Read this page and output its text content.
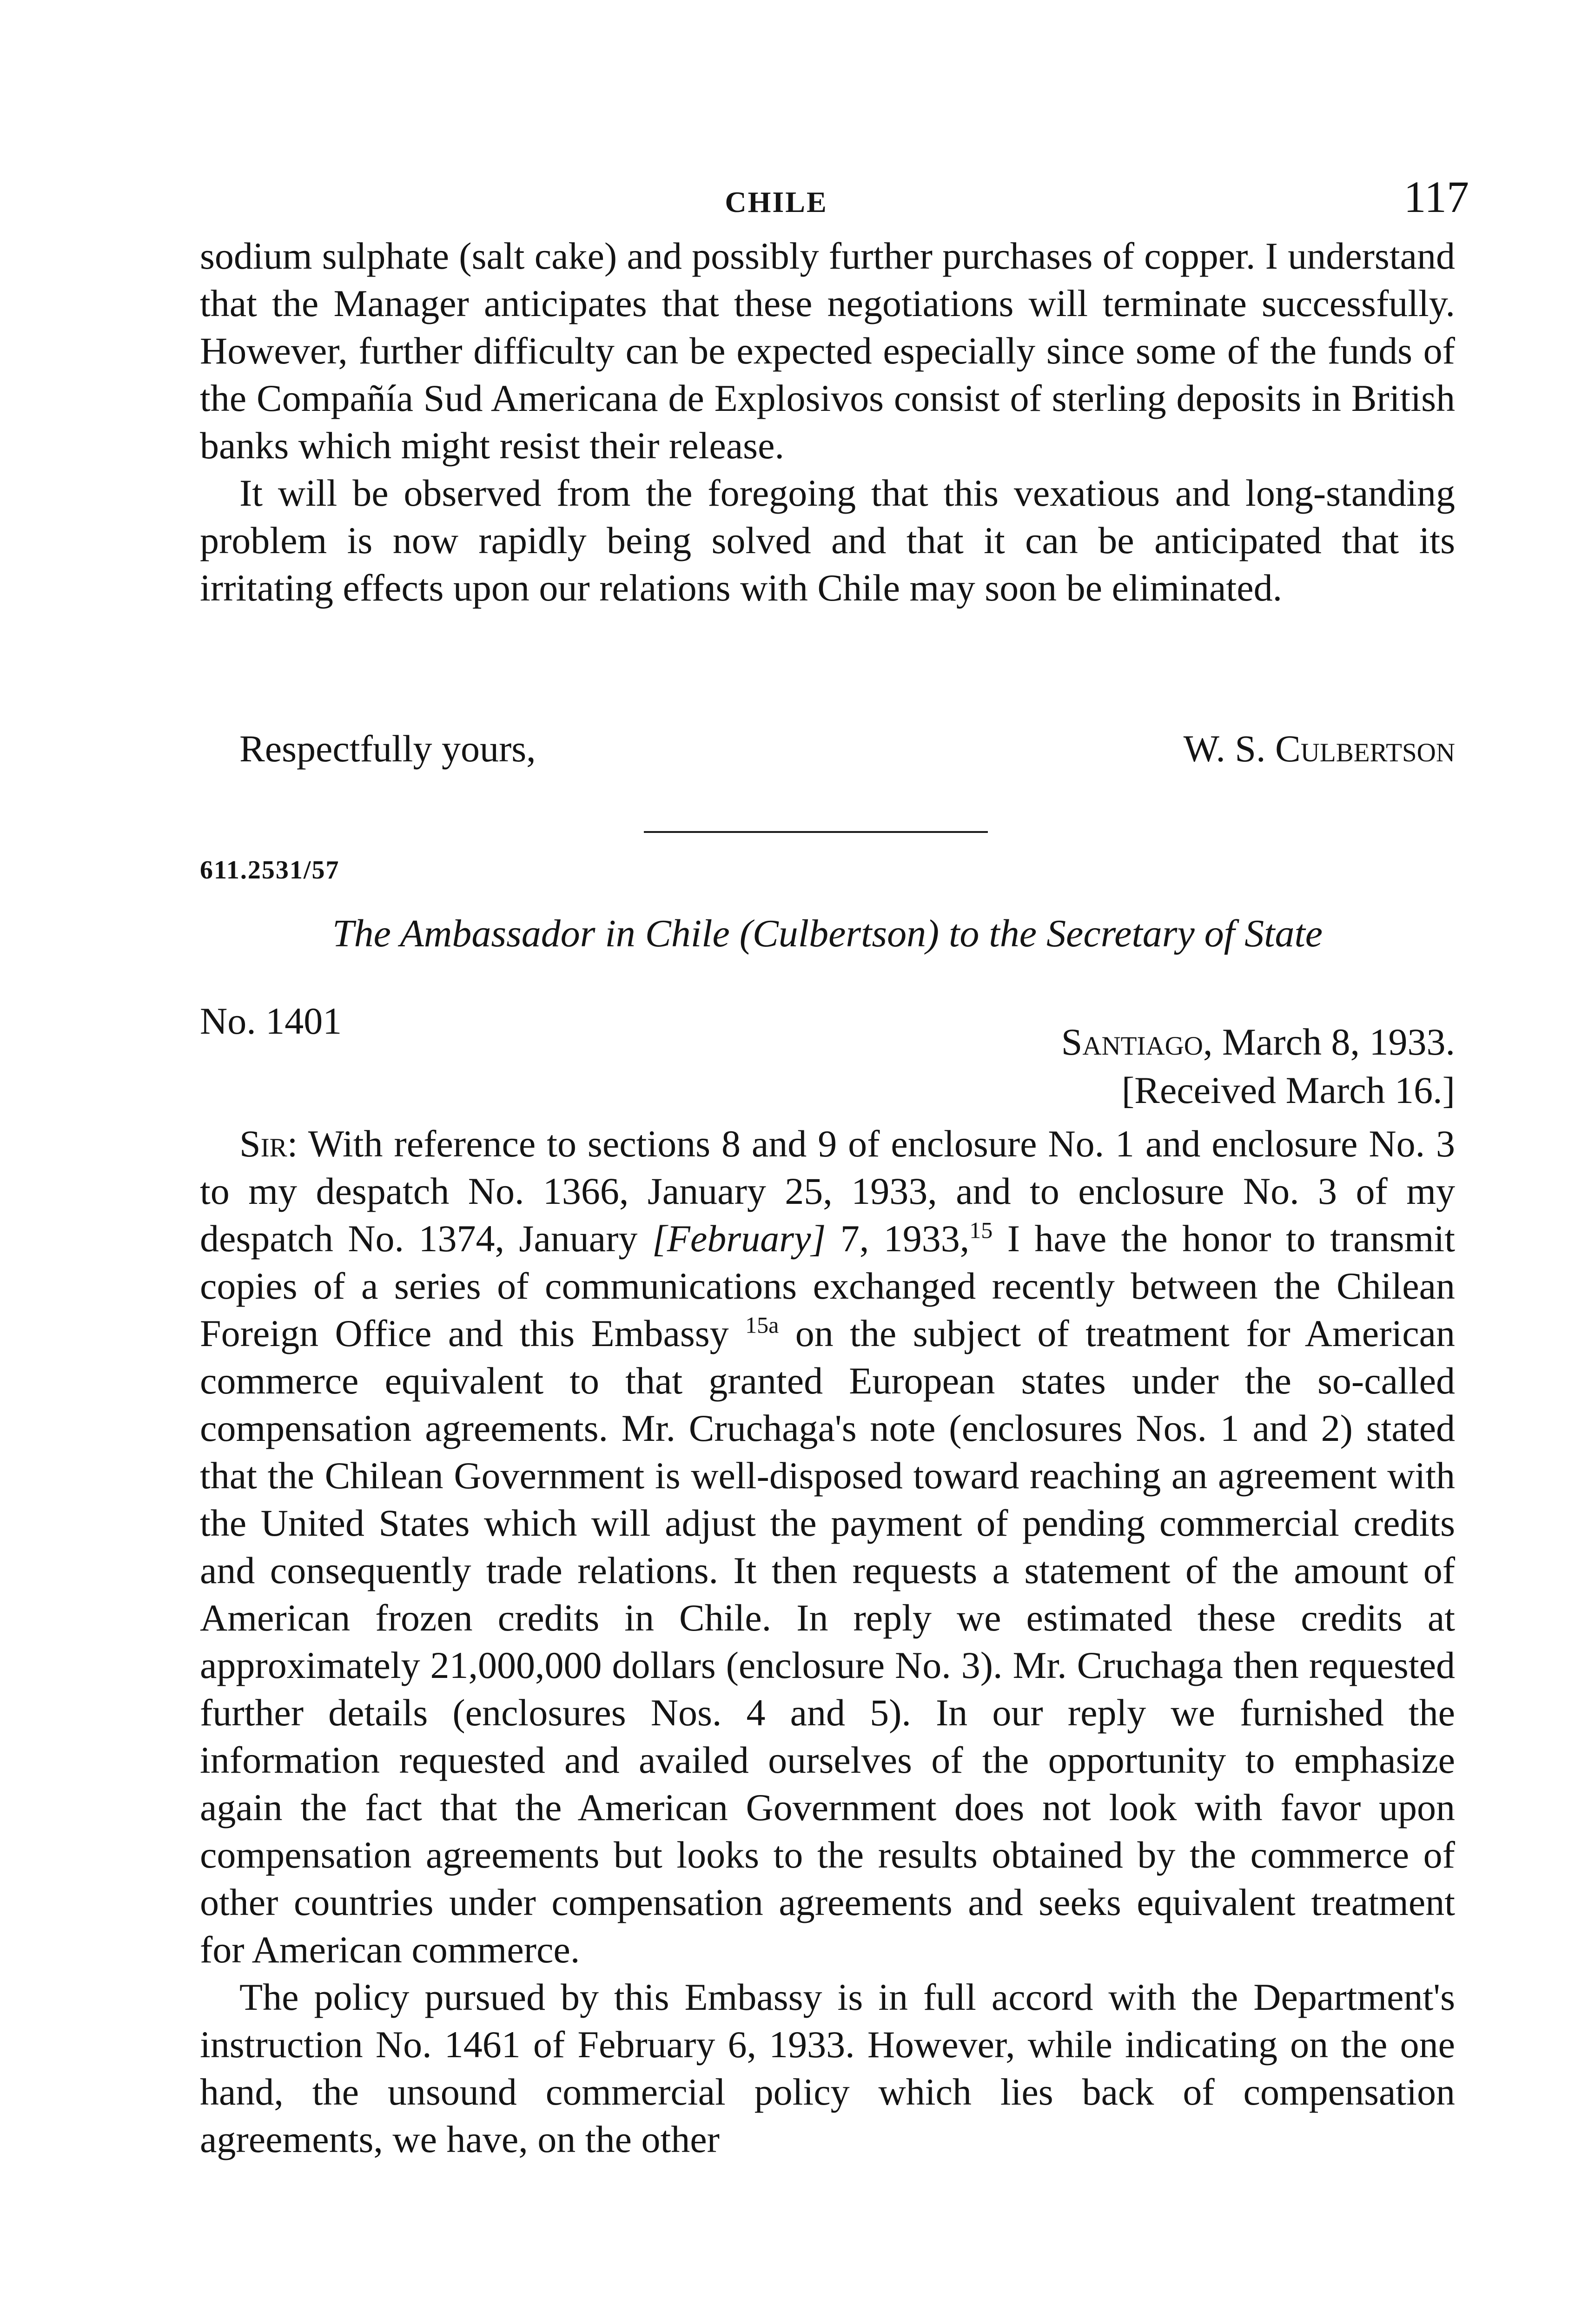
CHILE	117

sodium sulphate (salt cake) and possibly further purchases of copper. I understand that the Manager anticipates that these negotiations will terminate successfully. However, further difficulty can be expected especially since some of the funds of the Compañía Sud Americana de Explosivos consist of sterling deposits in British banks which might resist their release.

It will be observed from the foregoing that this vexatious and long-standing problem is now rapidly being solved and that it can be anticipated that its irritating effects upon our relations with Chile may soon be eliminated.

Respectfully yours,	W. S. Culbertson
611.2531/57
The Ambassador in Chile (Culbertson) to the Secretary of State
No. 1401	Santiago, March 8, 1933.
[Received March 16.]

Sir: With reference to sections 8 and 9 of enclosure No. 1 and enclosure No. 3 to my despatch No. 1366, January 25, 1933, and to enclosure No. 3 of my despatch No. 1374, January [February] 7, 1933,15 I have the honor to transmit copies of a series of communications exchanged recently between the Chilean Foreign Office and this Embassy $^{15a}$ on the subject of treatment for American commerce equivalent to that granted European states under the so-called compensation agreements. Mr. Cruchaga's note (enclosures Nos. 1 and 2) stated that the Chilean Government is well-disposed toward reaching an agreement with the United States which will adjust the payment of pending commercial credits and consequently trade relations. It then requests a statement of the amount of American frozen credits in Chile. In reply we estimated these credits at approximately 21,000,000 dollars (enclosure No. 3). Mr. Cruchaga then requested further details (enclosures Nos. 4 and 5). In our reply we furnished the information requested and availed ourselves of the opportunity to emphasize again the fact that the American Government does not look with favor upon compensation agreements but looks to the results obtained by the commerce of other countries under compensation agreements and seeks equivalent treatment for American commerce.

The policy pursued by this Embassy is in full accord with the Department's instruction No. 1461 of February 6, 1933. However, while indicating on the one hand, the unsound commercial policy which lies back of compensation agreements, we have, on the other
